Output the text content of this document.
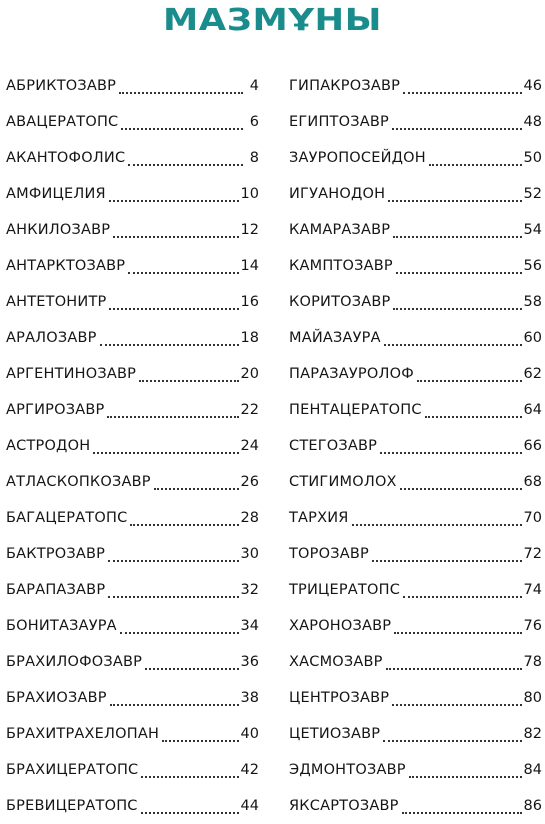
МАЗМҰНЫ
АБРИКТОЗАВР	4
АВАЦЕРАТОПС	6
АКАНТОФОЛИС	8
АМФИЦЕЛИЯ	10
АНКИЛОЗАВР	12
АНТАРКТОЗАВР	14
АНТЕТОНИТР	16
АРАЛОЗАВР	18
АРГЕНТИНОЗАВР	20
АРГИРОЗАВР	22
АСТРОДОН	24
АТЛАСКОПКОЗАВР	26
БАГАЦЕРАТОПС	28
БАКТРОЗАВР	30
БАРАПАЗАВР	32
БОНИТАЗАУРА	34
БРАХИЛОФОЗАВР	36
БРАХИОЗАВР	38
БРАХИТРАХЕЛОПАН	40
БРАХИЦЕРАТОПС	42
БРЕВИЦЕРАТОПС	44
ГИПАКРОЗАВР	46
ЕГИПТОЗАВР	48
ЗАУРОПОСЕЙДОН	50
ИГУАНОДОН	52
КАМАРАЗАВР	54
КАМПТОЗАВР	56
КОРИТОЗАВР	58
МАЙАЗАУРА	60
ПАРАЗАУРОЛОФ	62
ПЕНТАЦЕРАТОПС	64
СТЕГОЗАВР	66
СТИГИМОЛОХ	68
ТАРХИЯ	70
ТОРОЗАВР	72
ТРИЦЕРАТОПС	74
ХАРОНОЗАВР	76
ХАСМОЗАВР	78
ЦЕНТРОЗАВР	80
ЦЕТИОЗАВР	82
ЭДМОНТОЗАВР	84
ЯКСАРТОЗАВР	86
